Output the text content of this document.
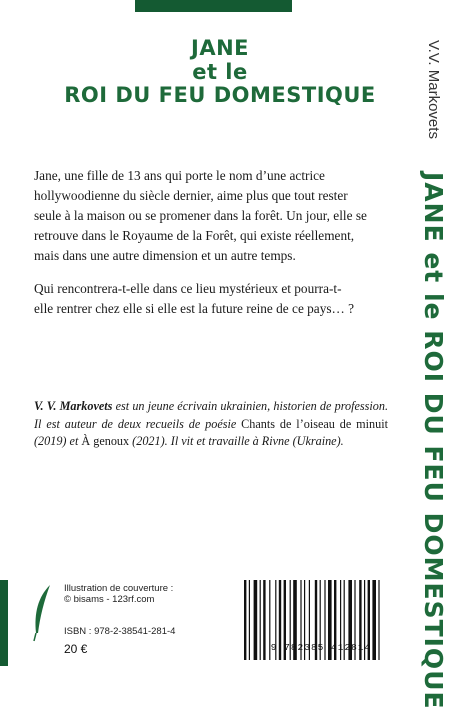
JANE
et le
ROI DU FEU DOMESTIQUE

Jane, une fille de 13 ans qui porte le nom d’une actrice
hollywoodienne du siècle dernier, aime plus que tout rester
seule à la maison ou se promener dans la forêt. Un jour, elle se
retrouve dans le Royaume de la Forêt, qui existe réellement,
mais dans une autre dimension et un autre temps.

Qui rencontrera-t-elle dans ce lieu mystérieux et pourra-t-
elle rentrer chez elle si elle est la future reine de ce pays… ?

V. V. Markovets est un jeune écrivain ukrainien, historien de profession. Il est auteur de deux recueils de poésie Chants de l’oiseau de minuit (2019) et À genoux (2021). Il vit et travaille à Rivne (Ukraine).
V.V. Markovets
JANE et le ROI DU FEU DOMESTIQUE
Illustration de couverture :
© bisams - 123rf.com
ISBN : 978-2-38541-281-4
20 €	9 782385 412814
